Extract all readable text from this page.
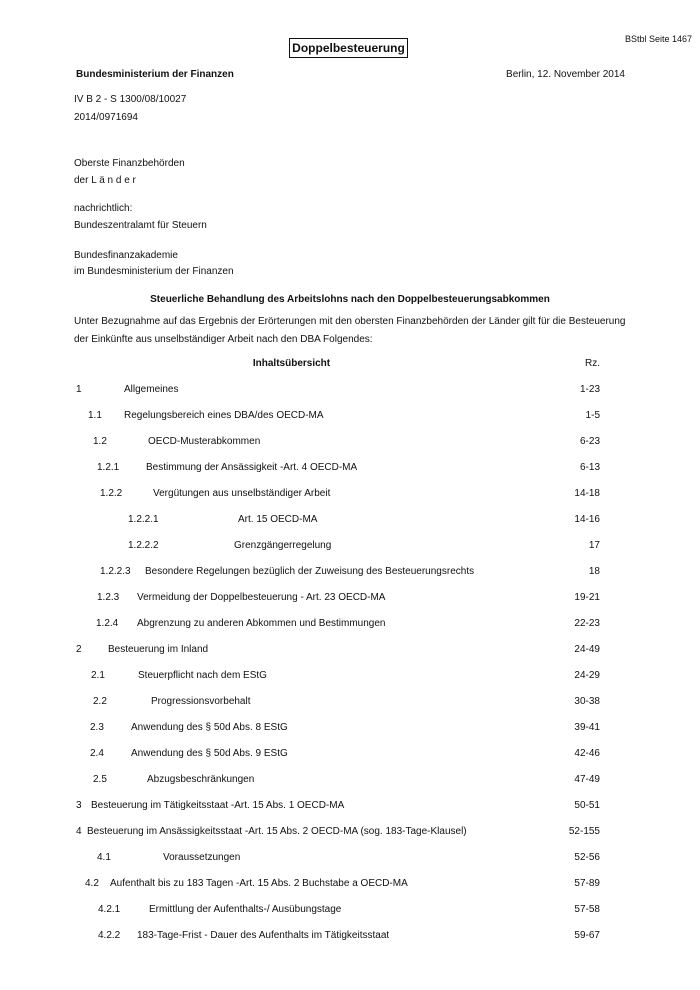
BStbl Seite 1467
Doppelbesteuerung
Bundesministerium der Finanzen	Berlin, 12. November 2014
IV B 2 - S 1300/08/10027
2014/0971694
Oberste Finanzbehörden
der L ä n d e r
nachrichtlich:
Bundeszentralamt für Steuern
Bundesfinanzakademie
im Bundesministerium der Finanzen
Steuerliche Behandlung des Arbeitslohns nach den Doppelbesteuerungsabkommen
Unter Bezugnahme auf das Ergebnis der Erörterungen mit den obersten Finanzbehörden der Länder gilt für die Besteuerung der Einkünfte aus unselbständiger Arbeit nach den DBA Folgendes:
Inhaltsübersicht	Rz.
1	Allgemeines	1-23
1.1 Regelungsbereich eines DBA/des OECD-MA	1-5
1.2	OECD-Musterabkommen	6-23
1.2.1	Bestimmung der Ansässigkeit -Art. 4 OECD-MA	6-13
1.2.2	Vergütungen aus unselbständiger Arbeit	14-18
1.2.2.1	Art. 15 OECD-MA	14-16
1.2.2.2	Grenzgängerregelung	17
1.2.2.3 Besondere Regelungen bezüglich der Zuweisung des Besteuerungsrechts	18
1.2.3 Vermeidung der Doppelbesteuerung - Art. 23 OECD-MA	19-21
1.2.4 Abgrenzung zu anderen Abkommen und Bestimmungen	22-23
2	Besteuerung im Inland	24-49
2.1	Steuerpflicht nach dem EStG	24-29
2.2	Progressionsvorbehalt	30-38
2.3	Anwendung des § 50d Abs. 8 EStG	39-41
2.4	Anwendung des § 50d Abs. 9 EStG	42-46
2.5	Abzugsbeschränkungen	47-49
3 Besteuerung im Tätigkeitsstaat -Art. 15 Abs. 1 OECD-MA	50-51
4 Besteuerung im Ansässigkeitsstaat -Art. 15 Abs. 2 OECD-MA (sog. 183-Tage-Klausel)	52-155
4.1	Voraussetzungen	52-56
4.2 Aufenthalt bis zu 183 Tagen -Art. 15 Abs. 2 Buchstabe a OECD-MA	57-89
4.2.1	Ermittlung der Aufenthalts-/ Ausübungstage	57-58
4.2.2 183-Tage-Frist - Dauer des Aufenthalts im Tätigkeitsstaat	59-67
